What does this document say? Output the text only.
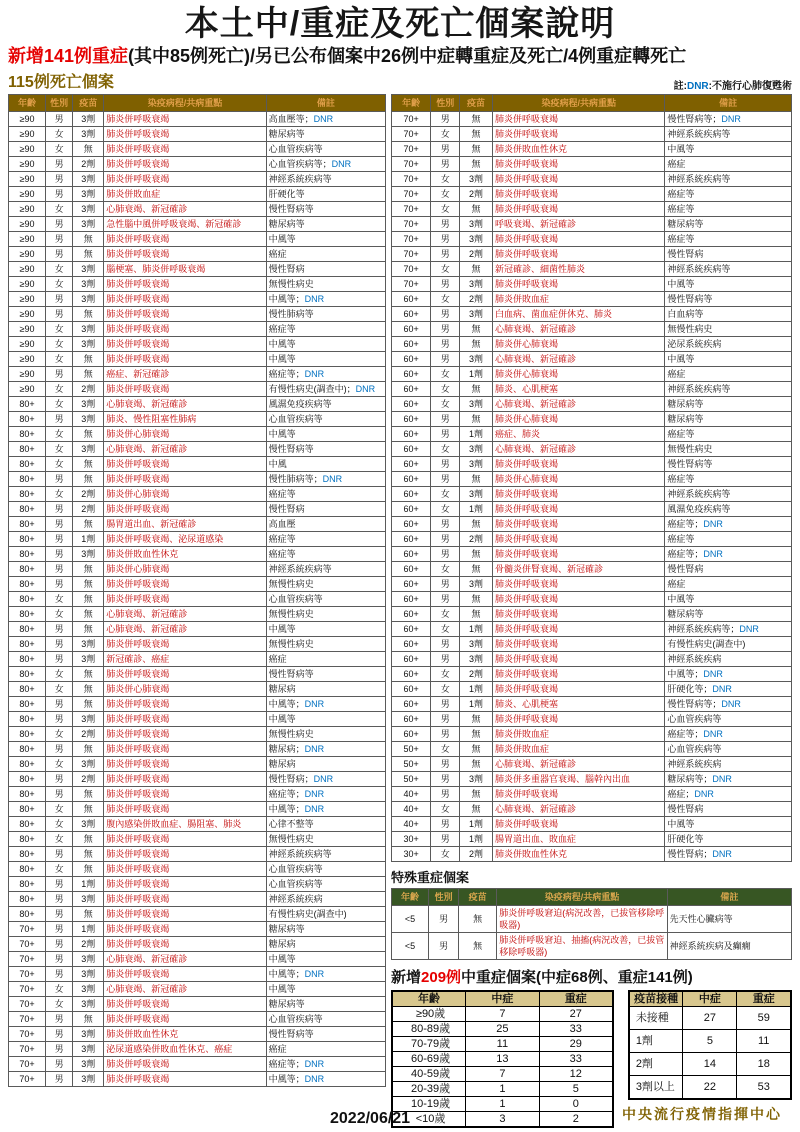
本土中/重症及死亡個案說明
新增141例重症(其中85例死亡)/另已公布個案中26例中症轉重症及死亡/4例重症轉死亡
115例死亡個案	註:DNR:不施行心肺復甦術
年齡	性別	疫苗	染疫病程/共病重點	備註
≥90	男	3劑	肺炎併呼吸衰竭	高血壓等；DNR
≥90	女	3劑	肺炎併呼吸衰竭	糖尿病等
≥90	女	無	肺炎併呼吸衰竭	心血管疾病等
≥90	男	2劑	肺炎併呼吸衰竭	心血管疾病等；DNR
≥90	男	3劑	肺炎併呼吸衰竭	神經系統疾病等
≥90	男	3劑	肺炎併敗血症	肝硬化等
≥90	女	3劑	心肺衰竭、新冠確診	慢性腎病等
≥90	男	3劑	急性腦中風併呼吸衰竭、新冠確診	糖尿病等
≥90	男	無	肺炎併呼吸衰竭	中風等
≥90	男	無	肺炎併呼吸衰竭	癌症
≥90	女	3劑	腦梗塞、肺炎併呼吸衰竭	慢性腎病
≥90	女	3劑	肺炎併呼吸衰竭	無慢性病史
≥90	男	3劑	肺炎併呼吸衰竭	中風等；DNR
≥90	男	無	肺炎併呼吸衰竭	慢性肺病等
≥90	女	3劑	肺炎併呼吸衰竭	癌症等
≥90	女	3劑	肺炎併呼吸衰竭	中風等
≥90	女	無	肺炎併呼吸衰竭	中風等
≥90	男	無	癌症、新冠確診	癌症等；DNR
≥90	女	2劑	肺炎併呼吸衰竭	有慢性病史(調查中)；DNR
80+	女	3劑	心肺衰竭、新冠確診	風濕免疫疾病等
80+	男	3劑	肺炎、慢性阻塞性肺病	心血管疾病等
80+	女	無	肺炎併心肺衰竭	中風等
80+	女	3劑	心肺衰竭、新冠確診	慢性腎病等
80+	女	無	肺炎併呼吸衰竭	中風
80+	男	無	肺炎併呼吸衰竭	慢性肺病等；DNR
80+	女	2劑	肺炎併心肺衰竭	癌症等
80+	男	2劑	肺炎併呼吸衰竭	慢性腎病
80+	男	無	腸胃道出血、新冠確診	高血壓
80+	男	1劑	肺炎併呼吸衰竭、泌尿道感染	癌症等
80+	男	3劑	肺炎併敗血性休克	癌症等
80+	男	無	肺炎併心肺衰竭	神經系統疾病等
80+	男	無	肺炎併呼吸衰竭	無慢性病史
80+	女	無	肺炎併呼吸衰竭	心血管疾病等
80+	女	無	心肺衰竭、新冠確診	無慢性病史
80+	男	無	心肺衰竭、新冠確診	中風等
80+	男	3劑	肺炎併呼吸衰竭	無慢性病史
80+	男	3劑	新冠確診、癌症	癌症
80+	女	無	肺炎併呼吸衰竭	慢性腎病等
80+	女	無	肺炎併心肺衰竭	糖尿病
80+	男	無	肺炎併呼吸衰竭	中風等；DNR
80+	男	3劑	肺炎併呼吸衰竭	中風等
80+	女	2劑	肺炎併呼吸衰竭	無慢性病史
80+	男	無	肺炎併呼吸衰竭	糖尿病；DNR
80+	女	3劑	肺炎併呼吸衰竭	糖尿病
80+	男	2劑	肺炎併呼吸衰竭	慢性腎病；DNR
80+	男	無	肺炎併呼吸衰竭	癌症等；DNR
80+	女	無	肺炎併呼吸衰竭	中風等；DNR
80+	女	3劑	腹內感染併敗血症、腸阻塞、肺炎	心律不整等
80+	女	無	肺炎併呼吸衰竭	無慢性病史
80+	男	無	肺炎併呼吸衰竭	神經系統疾病等
80+	女	無	肺炎併呼吸衰竭	心血管疾病等
80+	男	1劑	肺炎併呼吸衰竭	心血管疾病等
80+	男	3劑	肺炎併呼吸衰竭	神經系統疾病
80+	男	無	肺炎併呼吸衰竭	有慢性病史(調查中)
70+	男	1劑	肺炎併呼吸衰竭	糖尿病等
70+	男	2劑	肺炎併呼吸衰竭	糖尿病
70+	男	3劑	心肺衰竭、新冠確診	中風等
70+	男	3劑	肺炎併呼吸衰竭	中風等；DNR
70+	女	3劑	心肺衰竭、新冠確診	中風等
70+	女	3劑	肺炎併呼吸衰竭	糖尿病等
70+	男	無	肺炎併呼吸衰竭	心血管疾病等
70+	男	3劑	肺炎併敗血性休克	慢性腎病等
70+	男	3劑	泌尿道感染併敗血性休克、癌症	癌症
70+	男	3劑	肺炎併呼吸衰竭	癌症等；DNR
70+	男	3劑	肺炎併呼吸衰竭	中風等；DNR
年齡	性別	疫苗	染疫病程/共病重點	備註
70+	男	無	肺炎併呼吸衰竭	慢性腎病等；DNR
70+	女	無	肺炎併呼吸衰竭	神經系統疾病等
70+	男	無	肺炎併敗血性休克	中風等
70+	男	無	肺炎併呼吸衰竭	癌症
70+	女	3劑	肺炎併呼吸衰竭	神經系統疾病等
70+	女	2劑	肺炎併呼吸衰竭	癌症等
70+	女	無	肺炎併呼吸衰竭	癌症等
70+	男	3劑	呼吸衰竭、新冠確診	糖尿病等
70+	男	3劑	肺炎併呼吸衰竭	癌症等
70+	男	2劑	肺炎併呼吸衰竭	慢性腎病
70+	女	無	新冠確診、細菌性肺炎	神經系統疾病等
70+	男	3劑	肺炎併呼吸衰竭	中風等
60+	女	2劑	肺炎併敗血症	慢性腎病等
60+	男	3劑	白血病、菌血症併休克、肺炎	白血病等
60+	男	無	心肺衰竭、新冠確診	無慢性病史
60+	男	無	肺炎併心肺衰竭	泌尿系統疾病
60+	男	3劑	心肺衰竭、新冠確診	中風等
60+	女	1劑	肺炎併心肺衰竭	癌症
60+	女	無	肺炎、心肌梗塞	神經系統疾病等
60+	女	3劑	心肺衰竭、新冠確診	糖尿病等
60+	男	無	肺炎併心肺衰竭	糖尿病等
60+	男	1劑	癌症、肺炎	癌症等
60+	女	3劑	心肺衰竭、新冠確診	無慢性病史
60+	男	3劑	肺炎併呼吸衰竭	慢性腎病等
60+	男	無	肺炎併心肺衰竭	癌症等
60+	女	3劑	肺炎併呼吸衰竭	神經系統疾病等
60+	女	1劑	肺炎併呼吸衰竭	風濕免疫疾病等
60+	男	無	肺炎併呼吸衰竭	癌症等；DNR
60+	男	2劑	肺炎併呼吸衰竭	癌症等
60+	男	無	肺炎併呼吸衰竭	癌症等；DNR
60+	女	無	骨髓炎併腎衰竭、新冠確診	慢性腎病
60+	男	3劑	肺炎併呼吸衰竭	癌症
60+	男	無	肺炎併呼吸衰竭	中風等
60+	女	無	肺炎併呼吸衰竭	糖尿病等
60+	女	1劑	肺炎併呼吸衰竭	神經系統疾病等；DNR
60+	男	3劑	肺炎併呼吸衰竭	有慢性病史(調查中)
60+	男	3劑	肺炎併呼吸衰竭	神經系統疾病
60+	女	2劑	肺炎併呼吸衰竭	中風等；DNR
60+	女	1劑	肺炎併呼吸衰竭	肝硬化等；DNR
60+	男	1劑	肺炎、心肌梗塞	慢性腎病等；DNR
60+	男	無	肺炎併呼吸衰竭	心血管疾病等
60+	男	無	肺炎併敗血症	癌症等；DNR
50+	女	無	肺炎併敗血症	心血管疾病等
50+	男	無	心肺衰竭、新冠確診	神經系統疾病
50+	男	3劑	肺炎併多重器官衰竭、腦幹內出血	糖尿病等；DNR
40+	男	無	肺炎併呼吸衰竭	癌症；DNR
40+	女	無	心肺衰竭、新冠確診	慢性腎病
40+	男	1劑	肺炎併呼吸衰竭	中風等
30+	男	1劑	腸胃道出血、敗血症	肝硬化等
30+	女	2劑	肺炎併敗血性休克	慢性腎病；DNR
特殊重症個案
年齡	性別	疫苗	染疫病程/共病重點	備註
<5	男	無	肺炎併呼吸窘迫(病況改善，已拔管移除呼吸器)	先天性心臟病等
<5	男	無	肺炎併呼吸窘迫、抽搐(病況改善，已拔管移除呼吸器)	神經系統疾病及癲癇
新增209例中重症個案(中症68例、重症141例)
年齡	中症	重症
≥90歲	7	27
80-89歲	25	33
70-79歲	11	29
60-69歲	13	33
40-59歲	7	12
20-39歲	1	5
10-19歲	1	0
<10歲	3	2
疫苗接種	中症	重症
未接種	27	59
1劑	5	11
2劑	14	18
3劑以上	22	53
2022/06/21	中央流行疫情指揮中心
